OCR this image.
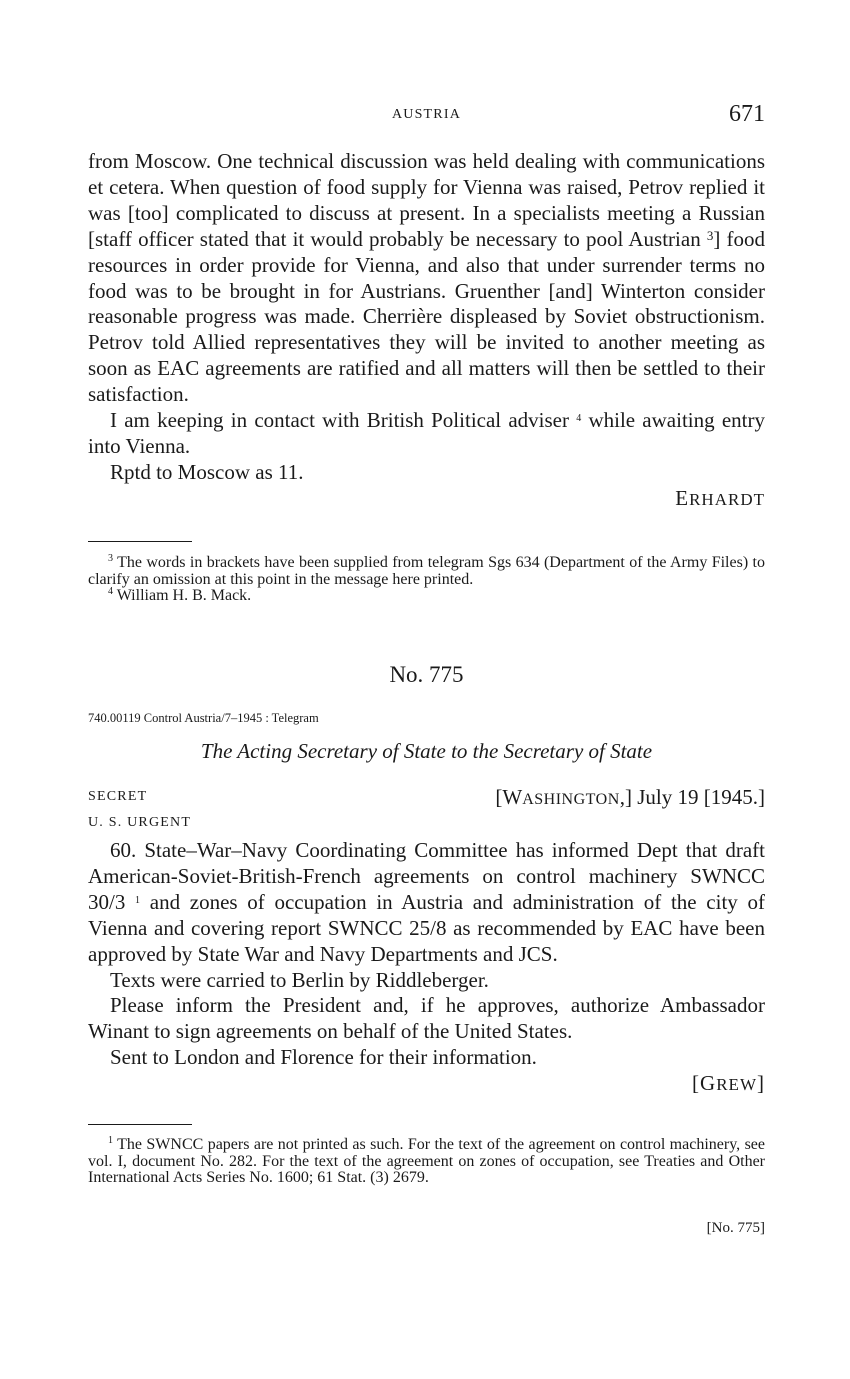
AUSTRIA	671

from Moscow. One technical discussion was held dealing with communications et cetera. When question of food supply for Vienna was raised, Petrov replied it was [too] complicated to discuss at present. In a specialists meeting a Russian [staff officer stated that it would probably be necessary to pool Austrian $^3$] food resources in order provide for Vienna, and also that under surrender terms no food was to be brought in for Austrians. Gruenther [and] Winterton consider reasonable progress was made. Cherrière displeased by Soviet obstructionism. Petrov told Allied representatives they will be invited to another meeting as soon as EAC agreements are ratified and all matters will then be settled to their satisfaction.

I am keeping in contact with British Political adviser $^4$ while awaiting entry into Vienna.

Rptd to Moscow as 11.

ERHARDT

$^3$ The words in brackets have been supplied from telegram Sgs 634 (Department of the Army Files) to clarify an omission at this point in the message here printed.

$^4$ William H. B. Mack.

No. 775
740.00119 Control Austria/7–1945 : Telegram
The Acting Secretary of State to the Secretary of State
SECRET	[WASHINGTON,] July 19 [1945.]
U. S. URGENT

60. State–War–Navy Coordinating Committee has informed Dept that draft American-Soviet-British-French agreements on control machinery SWNCC 30/3 $^1$ and zones of occupation in Austria and administration of the city of Vienna and covering report SWNCC 25/8 as recommended by EAC have been approved by State War and Navy Departments and JCS.

Texts were carried to Berlin by Riddleberger.

Please inform the President and, if he approves, authorize Ambassador Winant to sign agreements on behalf of the United States.

Sent to London and Florence for their information.

[GREW]

$^1$ The SWNCC papers are not printed as such. For the text of the agreement on control machinery, see vol. I, document No. 282. For the text of the agreement on zones of occupation, see Treaties and Other International Acts Series No. 1600; 61 Stat. (3) 2679.

[No. 775]
